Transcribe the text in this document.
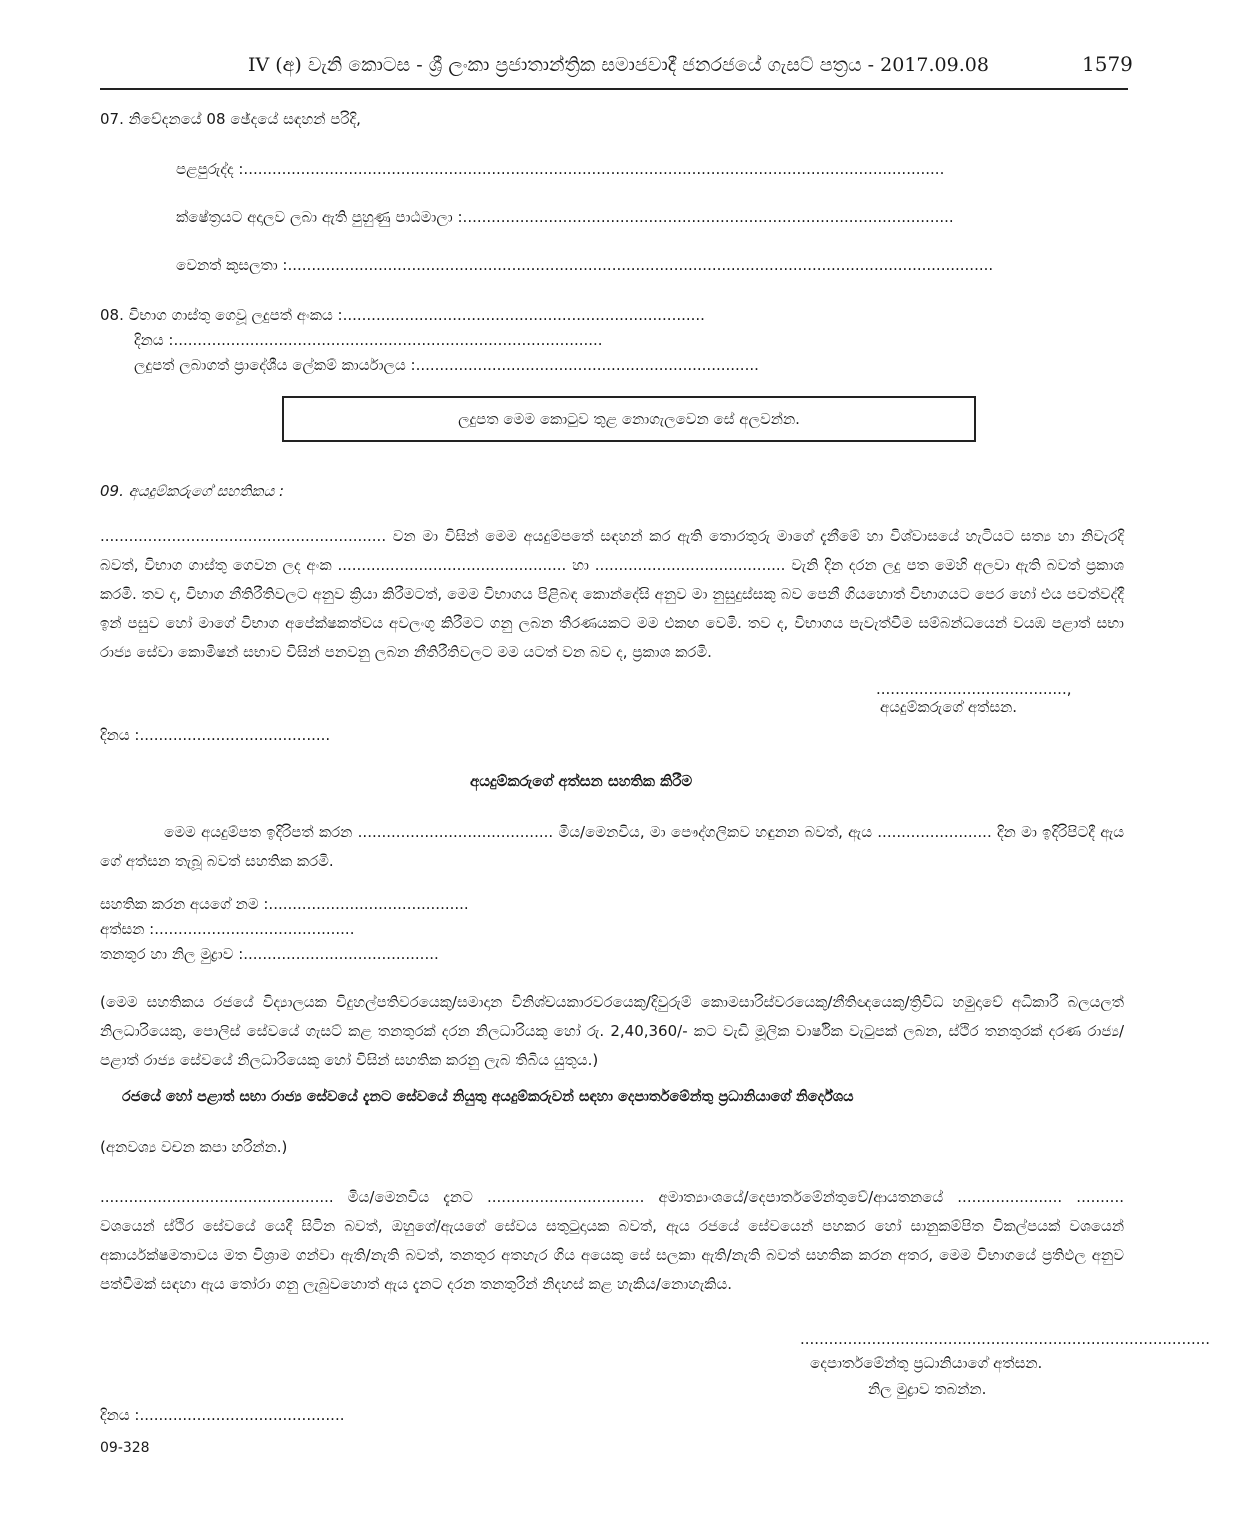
IV (අ) වැනි කොටස - ශ්‍රී ලංකා ප්‍රජාතාන්ත්‍රික සමාජවාදී ජනරජයේ ගැසට් පත්‍රය - 2017.09.08	1579
07. නිවේදනයේ 08 ඡේදයේ සඳහන් පරිදි,
පළපුරුද්ද :...................................................................................................................................................
ක්ෂේත්‍රයට අදාලව ලබා ඇති පුහුණු පාඨමාලා :.......................................................................................................
වෙනත් කුසලතා :....................................................................................................................................................
08. විභාග ගාස්තු ගෙවූ ලදුපත් අංකය :............................................................................
දිනය :..........................................................................................
ලදුපත් ලබාගත් ප්‍රාදේශීය ලේකම් කාර්යාලය :........................................................................
ලදුපත මෙම කොටුව තුළ නොගැලවෙන සේ අලවන්න.
09. අයදුම්කරුගේ සහතිකය :
............................................................ වන මා විසින් මෙම අයදුම්පතේ සඳහන් කර ඇති තොරතුරු මාගේ දැනීමේ හා විශ්වාසයේ හැටියට සත්‍ය හා නිවැරදි බවත්, විභාග ගාස්තු ගෙවන ලද අංක ................................................ හා ........................................ වැනි දින දරන ලදු පත මෙහි අලවා ඇති බවත් ප්‍රකාශ කරමි. තව ද, විභාග නීතිරීතිවලට අනුව ක්‍රියා කිරීමටත්, මෙම විභාගය පිළිබඳ කොන්දේසි අනුව මා නුසුදුස්සකු බව පෙනී ගියහොත් විභාගයට පෙර හෝ එය පවත්වද්දී ඉන් පසුව හෝ මාගේ විභාග අපේක්ෂකත්වය අවලංගු කිරීමට ගනු ලබන තීරණයකට මම එකඟ වෙමි. තව ද, විභාගය පැවැත්වීම සම්බන්ධයෙන් වයඹ පළාත් සභා රාජ්‍ය සේවා කොමිෂන් සභාව විසින් පනවනු ලබන නීතිරීතිවලට මම යටත් වන බව ද, ප්‍රකාශ කරමි.
........................................,
අයදුම්කරුගේ අත්සන.
දිනය :........................................
අයදුම්කරුගේ අත්සන සහතික කිරීම
මෙම අයදුම්පත ඉදිරිපත් කරන ......................................... මිය/මෙනවිය, මා පෞද්ගලිකව හඳුනන බවත්, ඇය ........................ දින මා ඉදිරිපිටදී ඇය ගේ අත්සන තැබූ බවත් සහතික කරමි.
සහතික කරන අයගේ නම :..........................................
අත්සන :..........................................
තනතුර හා නිල මුද්‍රාව :.........................................
(මෙම සහතිකය රජයේ විද්‍යාලයක විදුහල්පතිවරයෙකු/සමාදාන විනිශ්චයකාරවරයෙකු/දිවුරුම් කොමසාරිස්වරයෙකු/නීතිඥයෙකු/ත්‍රිවිධ හමුදාවේ අධිකාරී බලයලත් නිලධාරියෙකු, පොලිස් සේවයේ ගැසට් කළ තනතුරක් දරන නිලධාරියකු හෝ රු. 2,40,360/- කට වැඩි මූලික වාර්ෂික වැටුපක් ලබන, ස්ථිර තනතුරක් දරණ රාජ්‍ය/පළාත් රාජ්‍ය සේවයේ නිලධාරියෙකු හෝ විසින් සහතික කරනු ලැබ තිබිය යුතුය.)
රජයේ හෝ පළාත් සභා රාජ්‍ය සේවයේ දැනට සේවයේ නියුතු අයදුම්කරුවන් සඳහා දෙපාර්තමේන්තු ප්‍රධානියාගේ නිර්දේශය
(අනවශ්‍ය වචන කපා හරින්න.)
................................................. මිය/මෙනවිය දැනට ................................. අමාත්‍යාංශයේ/දෙපාර්තමේන්තුවේ/ආයතනයේ ...................... .......... වශයෙන් ස්ථිර සේවයේ යෙදී සිටින බවත්, ඔහුගේ/ඇයගේ සේවය සතුටුදායක බවත්, ඇය රජයේ සේවයෙන් පහකර හෝ සානුකම්පිත විකල්පයක් වශයෙන් අකාර්යක්ෂමතාවය මත විශ්‍රාම ගන්වා ඇති/නැති බවත්, තනතුර අතහැර ගිය අයෙකු සේ සලකා ඇති/නැති බවත් සහතික කරන අතර, මෙම විභාගයේ ප්‍රතිඵල අනුව පත්වීමක් සඳහා ඇය තෝරා ගනු ලැබුවහොත් ඇය දැනට දරන තනතුරින් නිදහස් කළ හැකිය/නොහැකිය.
......................................................................................
දෙපාර්තමේන්තු ප්‍රධානියාගේ අත්සන.
නිල මුද්‍රාව තබන්න.
දිනය :...........................................
09-328
